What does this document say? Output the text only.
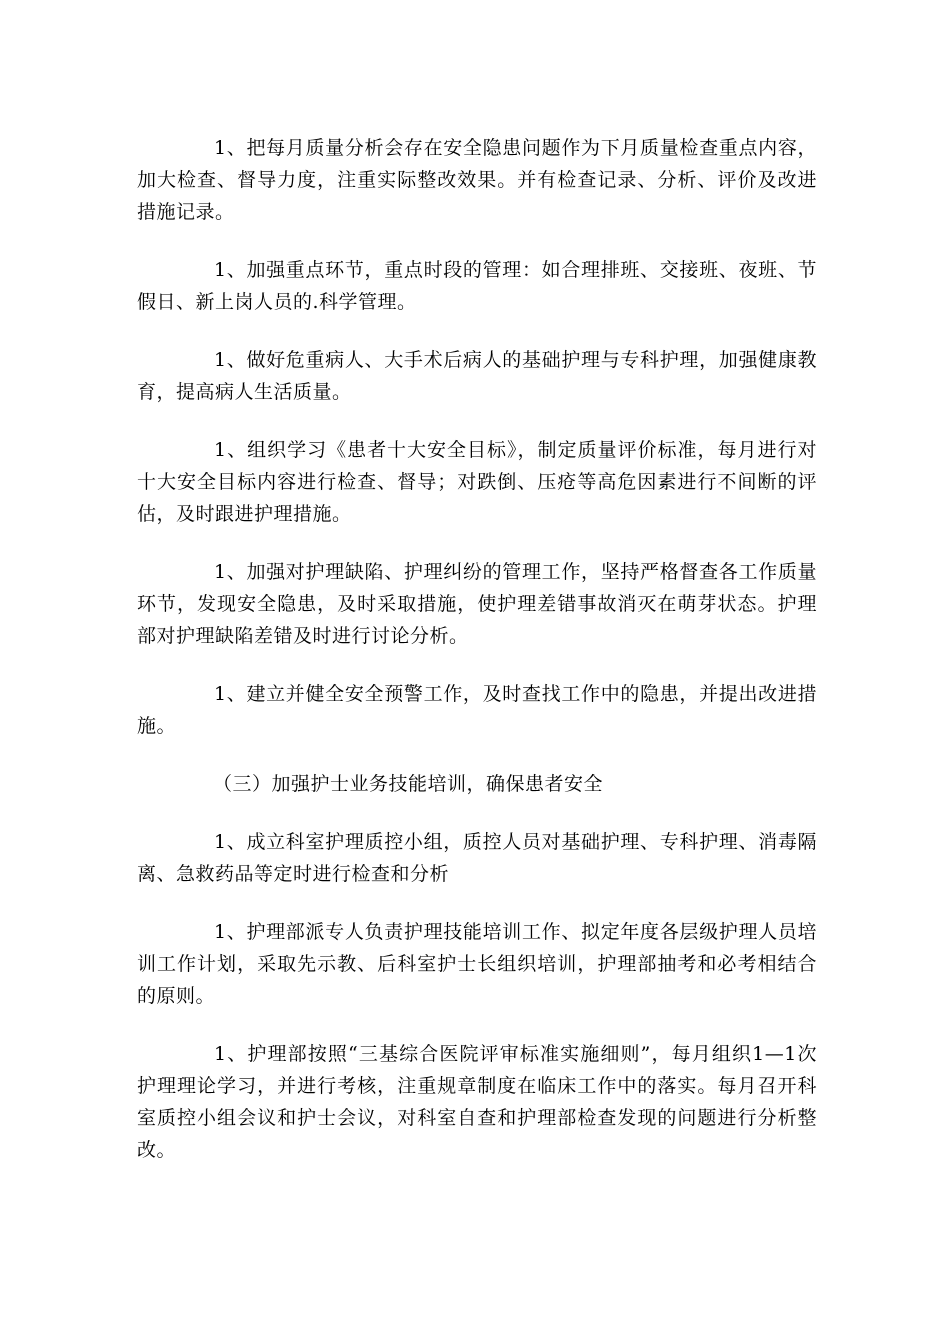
1、把每月质量分析会存在安全隐患问题作为下月质量检查重点内容，加大检查、督导力度，注重实际整改效果。并有检查记录、分析、评价及改进措施记录。

1、加强重点环节，重点时段的管理：如合理排班、交接班、夜班、节假日、新上岗人员的.科学管理。

1、做好危重病人、大手术后病人的基础护理与专科护理，加强健康教育，提高病人生活质量。

1、组织学习《患者十大安全目标》，制定质量评价标准，每月进行对十大安全目标内容进行检查、督导；对跌倒、压疮等高危因素进行不间断的评估，及时跟进护理措施。

1、加强对护理缺陷、护理纠纷的管理工作，坚持严格督查各工作质量环节，发现安全隐患，及时采取措施，使护理差错事故消灭在萌芽状态。护理部对护理缺陷差错及时进行讨论分析。

1、建立并健全安全预警工作，及时查找工作中的隐患，并提出改进措施。

（三）加强护士业务技能培训，确保患者安全

1、成立科室护理质控小组，质控人员对基础护理、专科护理、消毒隔离、急救药品等定时进行检查和分析

1、护理部派专人负责护理技能培训工作、拟定年度各层级护理人员培训工作计划，采取先示教、后科室护士长组织培训，护理部抽考和必考相结合的原则。

1、护理部按照“三基综合医院评审标准实施细则”，每月组织1—1次护理理论学习，并进行考核，注重规章制度在临床工作中的落实。每月召开科室质控小组会议和护士会议，对科室自查和护理部检查发现的问题进行分析整改。
